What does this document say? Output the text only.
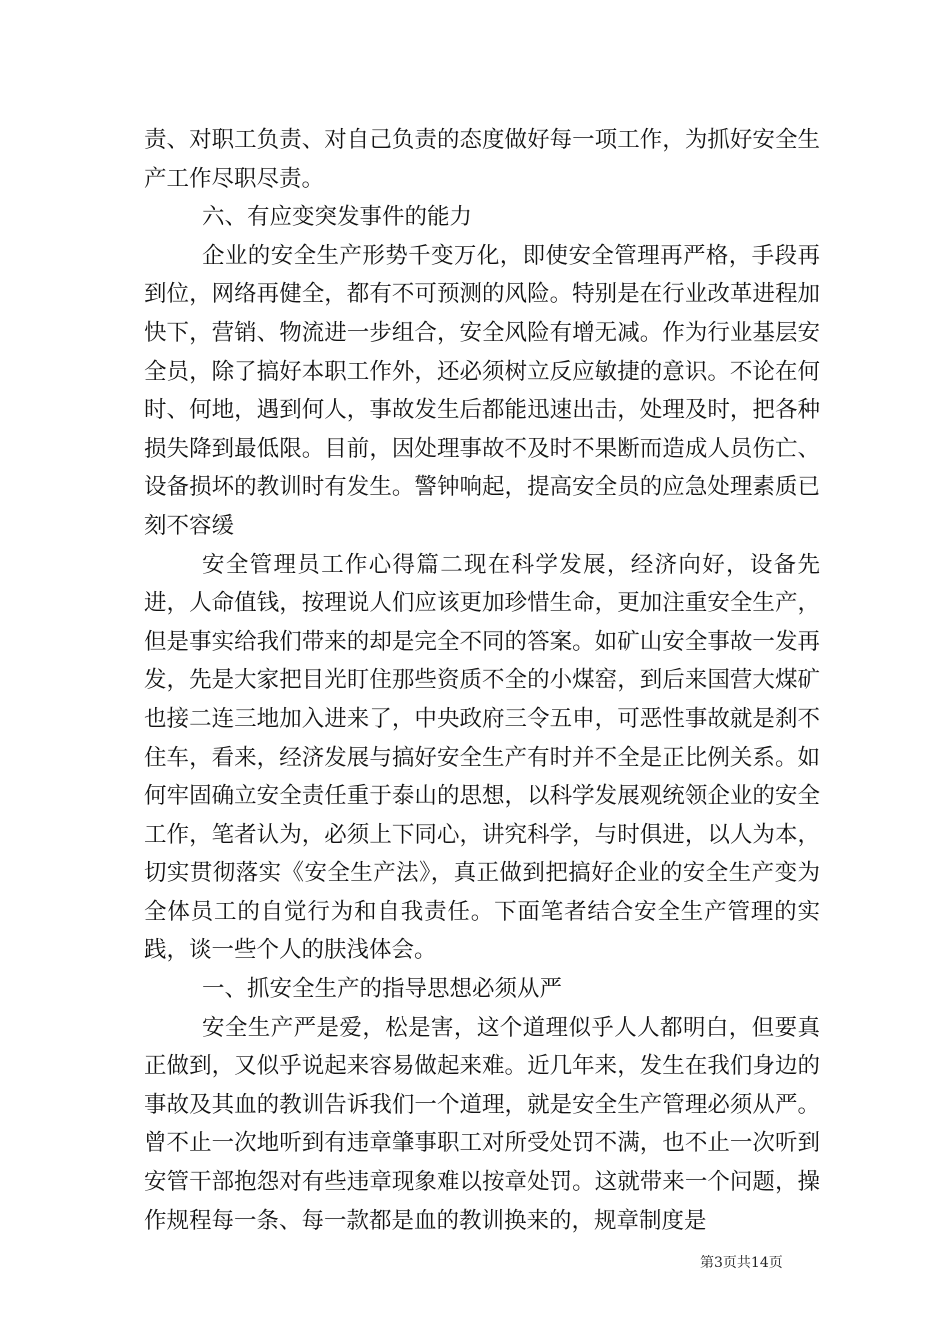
责、对职工负责、对自己负责的态度做好每一项工作，为抓好安全生产工作尽职尽责。

六、有应变突发事件的能力

企业的安全生产形势千变万化，即使安全管理再严格，手段再到位，网络再健全，都有不可预测的风险。特别是在行业改革进程加快下，营销、物流进一步组合，安全风险有增无减。作为行业基层安全员，除了搞好本职工作外，还必须树立反应敏捷的意识。不论在何时、何地，遇到何人，事故发生后都能迅速出击，处理及时，把各种损失降到最低限。目前，因处理事故不及时不果断而造成人员伤亡、设备损坏的教训时有发生。警钟响起，提高安全员的应急处理素质已刻不容缓

安全管理员工作心得篇二现在科学发展，经济向好，设备先进，人命值钱，按理说人们应该更加珍惜生命，更加注重安全生产，但是事实给我们带来的却是完全不同的答案。如矿山安全事故一发再发，先是大家把目光盯住那些资质不全的小煤窑，到后来国营大煤矿也接二连三地加入进来了，中央政府三令五申，可恶性事故就是刹不住车，看来，经济发展与搞好安全生产有时并不全是正比例关系。如何牢固确立安全责任重于泰山的思想，以科学发展观统领企业的安全工作，笔者认为，必须上下同心，讲究科学，与时俱进，以人为本，切实贯彻落实《安全生产法》，真正做到把搞好企业的安全生产变为全体员工的自觉行为和自我责任。下面笔者结合安全生产管理的实践，谈一些个人的肤浅体会。

一、抓安全生产的指导思想必须从严

安全生产严是爱，松是害，这个道理似乎人人都明白，但要真正做到，又似乎说起来容易做起来难。近几年来，发生在我们身边的事故及其血的教训告诉我们一个道理，就是安全生产管理必须从严。曾不止一次地听到有违章肇事职工对所受处罚不满，也不止一次听到安管干部抱怨对有些违章现象难以按章处罚。这就带来一个问题，操作规程每一条、每一款都是血的教训换来的，规章制度是

第3页共14页
